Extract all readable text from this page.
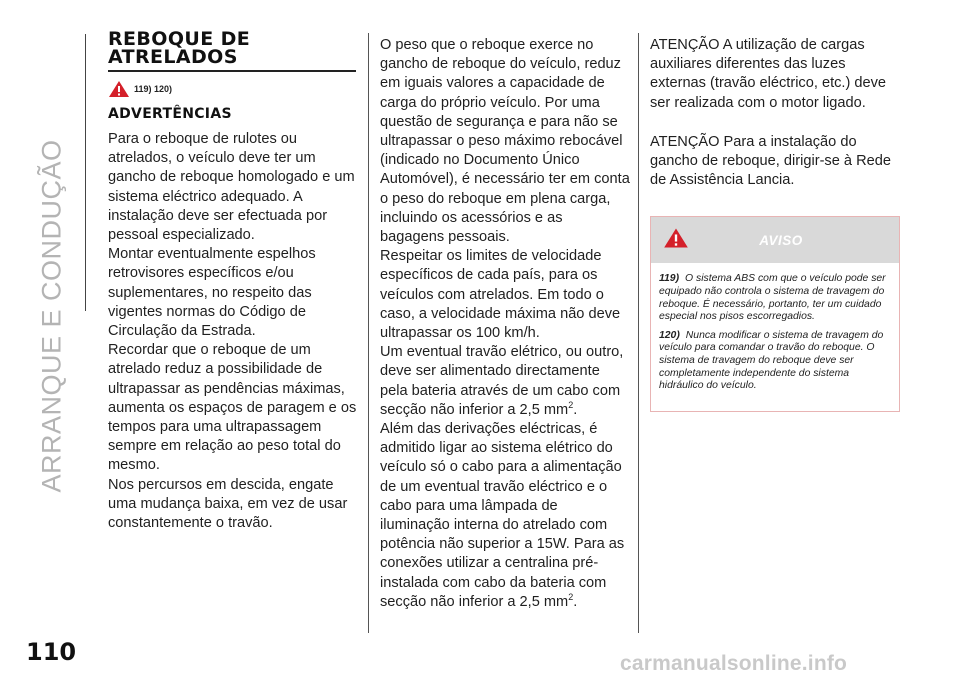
ARRANQUE E CONDUÇÃO
REBOQUE DE
ATRELADOS
119) 120)
ADVERTÊNCIAS

Para o reboque de rulotes ou atrelados, o veículo deve ter um gancho de reboque homologado e um sistema eléctrico adequado. A instalação deve ser efectuada por pessoal especializado.

Montar eventualmente espelhos retrovisores específicos e/ou suplementares, no respeito das vigentes normas do Código de Circulação da Estrada.

Recordar que o reboque de um atrelado reduz a possibilidade de ultrapassar as pendências máximas, aumenta os espaços de paragem e os tempos para uma ultrapassagem sempre em relação ao peso total do mesmo.

Nos percursos em descida, engate uma mudança baixa, em vez de usar constantemente o travão.

O peso que o reboque exerce no gancho de reboque do veículo, reduz em iguais valores a capacidade de carga do próprio veículo. Por uma questão de segurança e para não se ultrapassar o peso máximo rebocável (indicado no Documento Único Automóvel), é necessário ter em conta o peso do reboque em plena carga, incluindo os acessórios e as bagagens pessoais.

Respeitar os limites de velocidade específicos de cada país, para os veículos com atrelados. Em todo o caso, a velocidade máxima não deve ultrapassar os 100 km/h.

Um eventual travão elétrico, ou outro, deve ser alimentado directamente pela bateria através de um cabo com secção não inferior a 2,5 $mm^2$.

Além das derivações eléctricas, é admitido ligar ao sistema elétrico do veículo só o cabo para a alimentação de um eventual travão eléctrico e o cabo para uma lâmpada de iluminação interna do atrelado com potência não superior a 15W. Para as conexões utilizar a centralina pré-instalada com cabo da bateria com secção não inferior a 2,5 $mm^2$.

ATENÇÃO A utilização de cargas auxiliares diferentes das luzes externas (travão eléctrico, etc.) deve ser realizada com o motor ligado.

ATENÇÃO Para a instalação do gancho de reboque, dirigir-se à Rede de Assistência Lancia.

AVISO

119) O sistema ABS com que o veículo pode ser equipado não controla o sistema de travagem do reboque. É necessário, portanto, ter um cuidado especial nos pisos escorregadios.

120) Nunca modificar o sistema de travagem do veículo para comandar o travão do reboque. O sistema de travagem do reboque deve ser completamente independente do sistema hidráulico do veículo.

110	carmanualsonline.info
